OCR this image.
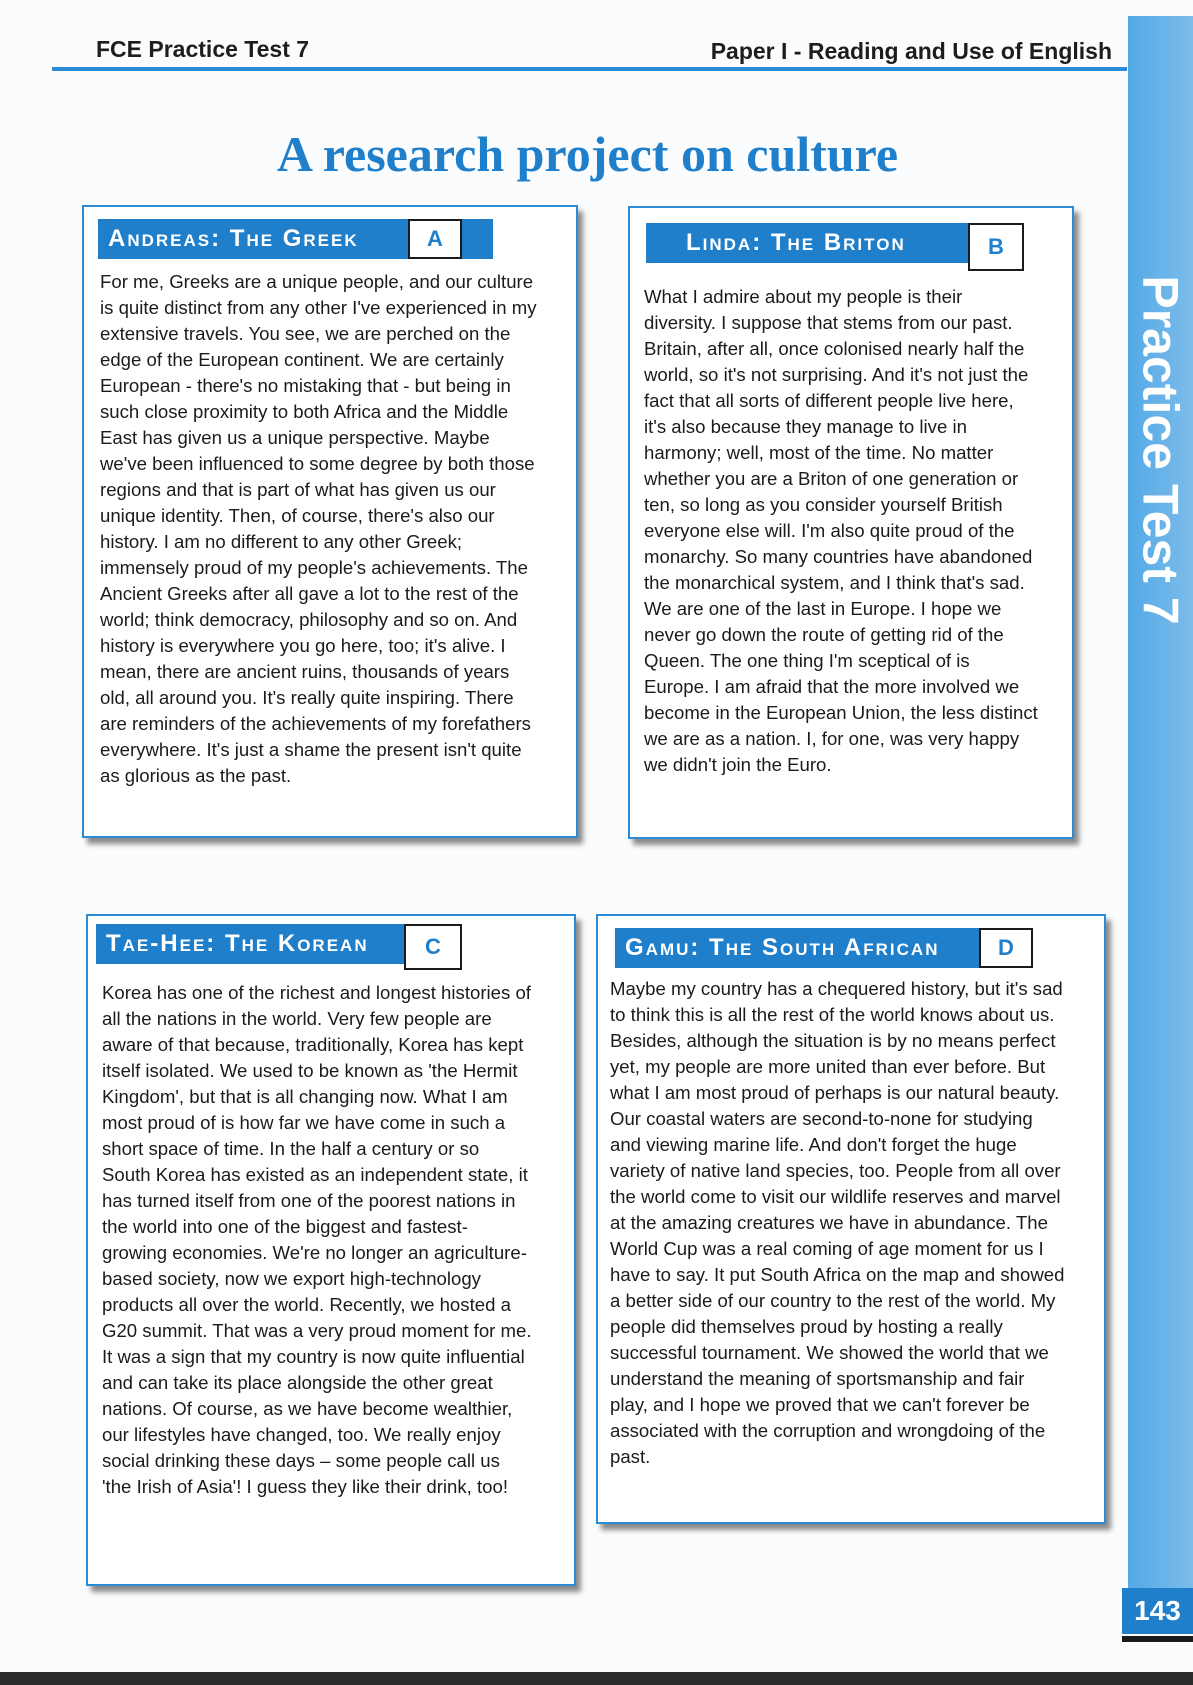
FCE Practice Test 7	Paper I - Reading and Use of English
Practice Test 7
A research project on culture
Andreas: The Greek	A

For me, Greeks are a unique people, and our culture is quite distinct from any other I've experienced in my extensive travels. You see, we are perched on the edge of the European continent. We are certainly European - there's no mistaking that - but being in such close proximity to both Africa and the Middle East has given us a unique perspective. Maybe we've been influenced to some degree by both those regions and that is part of what has given us our unique identity. Then, of course, there's also our history. I am no different to any other Greek; immensely proud of my people's achievements. The Ancient Greeks after all gave a lot to the rest of the world; think democracy, philosophy and so on. And history is everywhere you go here, too; it's alive. I mean, there are ancient ruins, thousands of years old, all around you. It's really quite inspiring. There are reminders of the achievements of my forefathers everywhere. It's just a shame the present isn't quite as glorious as the past.

Linda: The Briton	B

What I admire about my people is their diversity. I suppose that stems from our past. Britain, after all, once colonised nearly half the world, so it's not surprising. And it's not just the fact that all sorts of different people live here, it's also because they manage to live in harmony; well, most of the time. No matter whether you are a Briton of one generation or ten, so long as you consider yourself British everyone else will. I'm also quite proud of the monarchy. So many countries have abandoned the monarchical system, and I think that's sad. We are one of the last in Europe. I hope we never go down the route of getting rid of the Queen. The one thing I'm sceptical of is Europe. I am afraid that the more involved we become in the European Union, the less distinct we are as a nation. I, for one, was very happy we didn't join the Euro.

Tae-Hee: The Korean	C

Korea has one of the richest and longest histories of all the nations in the world. Very few people are aware of that because, traditionally, Korea has kept itself isolated. We used to be known as 'the Hermit Kingdom', but that is all changing now. What I am most proud of is how far we have come in such a short space of time. In the half a century or so South Korea has existed as an independent state, it has turned itself from one of the poorest nations in the world into one of the biggest and fastest-growing economies. We're no longer an agriculture-based society, now we export high-technology products all over the world. Recently, we hosted a G20 summit. That was a very proud moment for me. It was a sign that my country is now quite influential and can take its place alongside the other great nations. Of course, as we have become wealthier, our lifestyles have changed, too. We really enjoy social drinking these days – some people call us 'the Irish of Asia'! I guess they like their drink, too!

Gamu: The South African	D

Maybe my country has a chequered history, but it's sad to think this is all the rest of the world knows about us. Besides, although the situation is by no means perfect yet, my people are more united than ever before. But what I am most proud of perhaps is our natural beauty. Our coastal waters are second-to-none for studying and viewing marine life. And don't forget the huge variety of native land species, too. People from all over the world come to visit our wildlife reserves and marvel at the amazing creatures we have in abundance. The World Cup was a real coming of age moment for us I have to say. It put South Africa on the map and showed a better side of our country to the rest of the world. My people did themselves proud by hosting a really successful tournament. We showed the world that we understand the meaning of sportsmanship and fair play, and I hope we proved that we can't forever be associated with the corruption and wrongdoing of the past.

143
